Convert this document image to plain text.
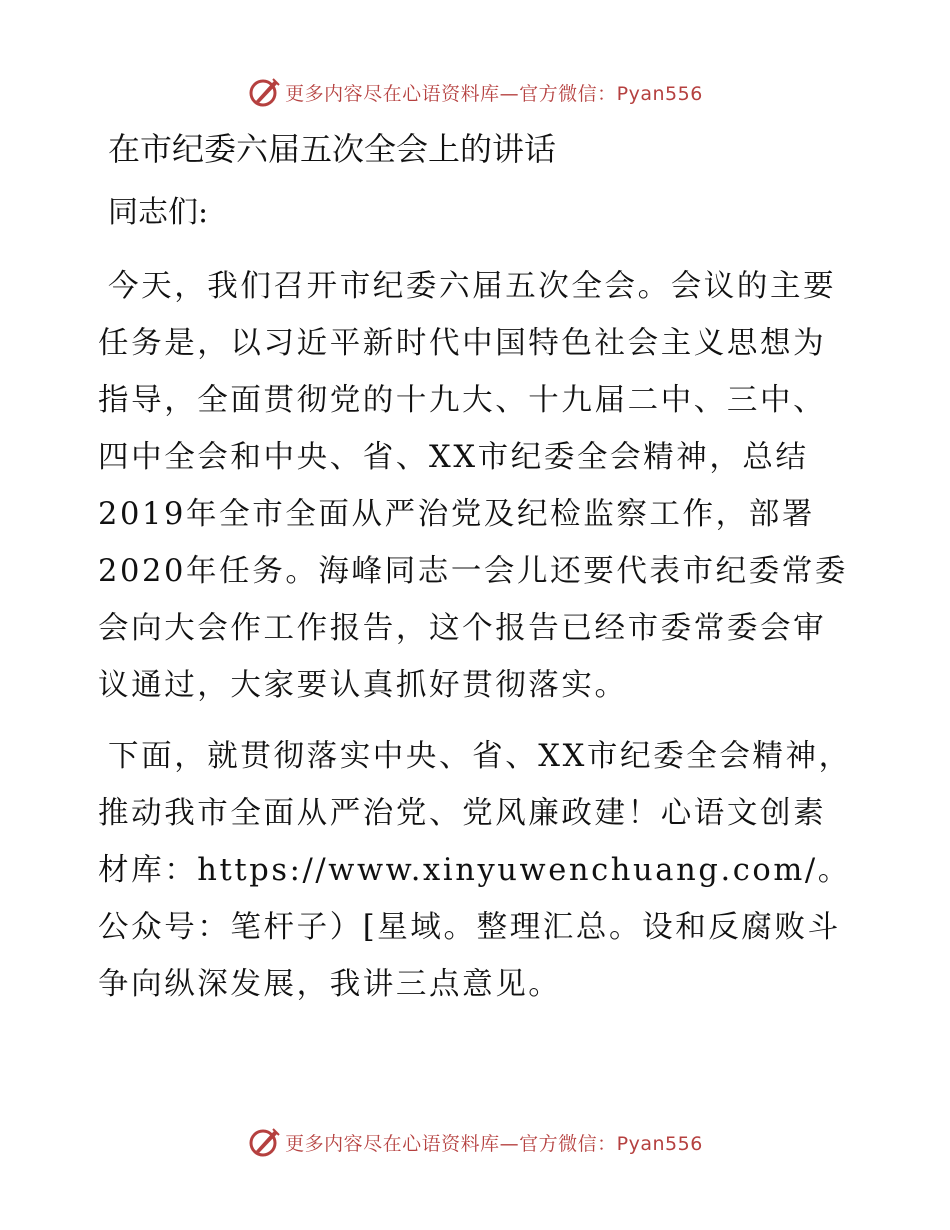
更多内容尽在心语资料库—官方微信：Pyan556
在市纪委六届五次全会上的讲话

同志们:

今天，我们召开市纪委六届五次全会。会议的主要任务是，以习近平新时代中国特色社会主义思想为指导，全面贯彻党的十九大、十九届二中、三中、四中全会和中央、省、XX市纪委全会精神，总结2019年全市全面从严治党及纪检监察工作，部署2020年任务。海峰同志一会儿还要代表市纪委常委会向大会作工作报告，这个报告已经市委常委会审议通过，大家要认真抓好贯彻落实。

下面，就贯彻落实中央、省、XX市纪委全会精神，推动我市全面从严治党、党风廉政建！心语文创素材库：https://www.xinyuwenchuang.com/。公众号：笔杆子）[星域。整理汇总。设和反腐败斗争向纵深发展，我讲三点意见。

更多内容尽在心语资料库—官方微信：Pyan556
